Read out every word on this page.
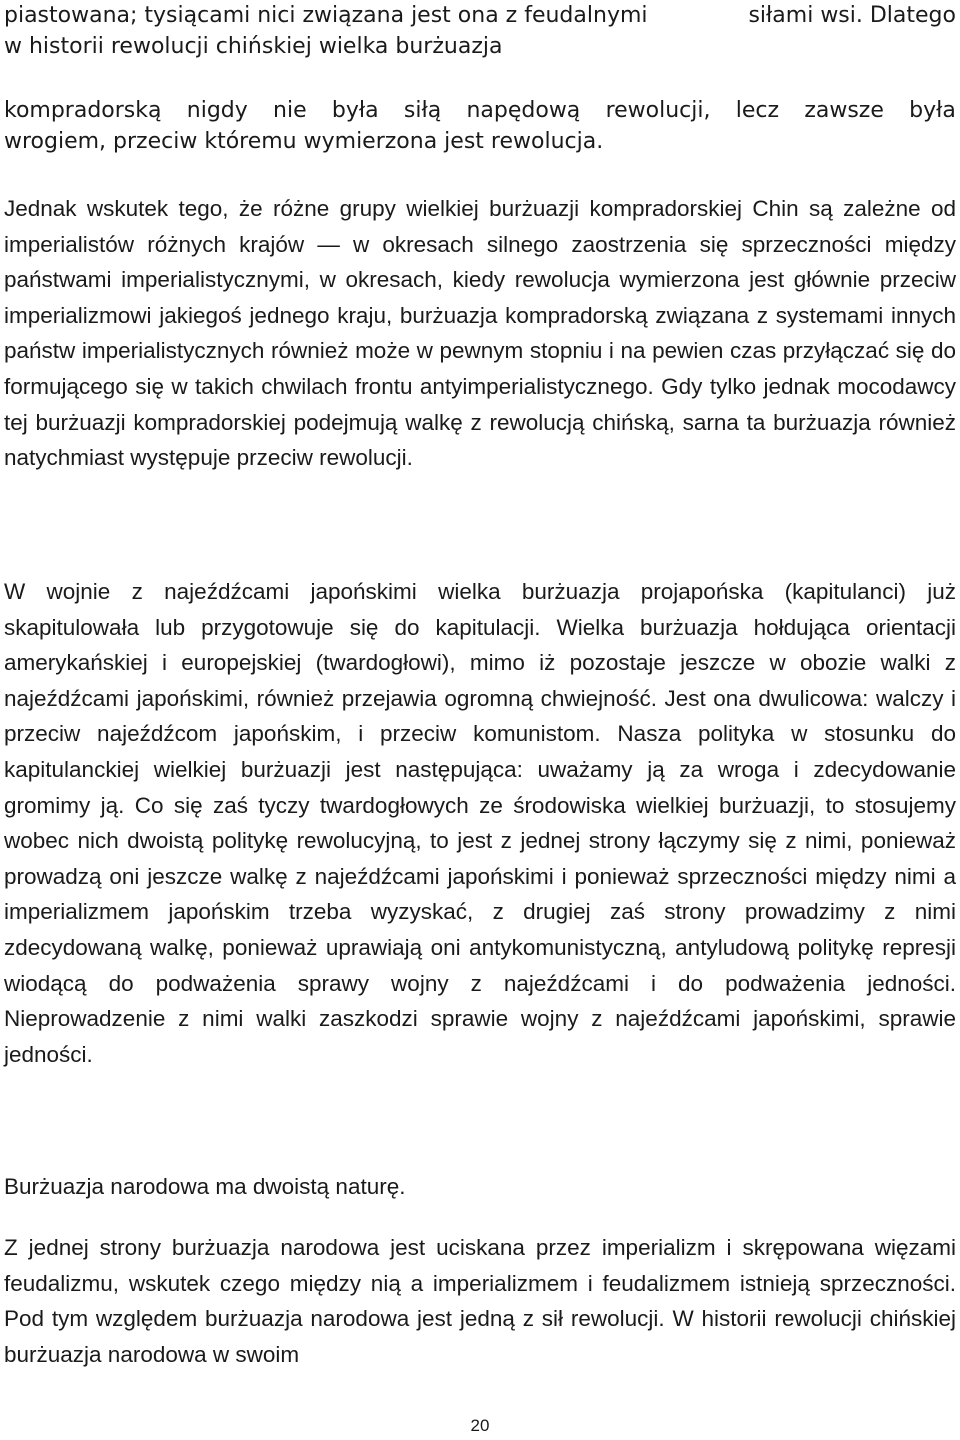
piastowana; tysiącami nici związana jest ona z feudalnymi	siłami wsi. Dlatego
w historii rewolucji chińskiej wielka burżuazja
kompradorską nigdy nie była siłą napędową rewolucji, lecz zawsze była
wrogiem, przeciw któremu wymierzona jest rewolucja.

Jednak wskutek tego, że różne grupy wielkiej burżuazji kompradorskiej Chin są zależne od imperialistów różnych krajów — w okresach silnego zaostrzenia się sprzeczności między państwami imperialistycznymi, w okresach, kiedy rewolucja wymierzona jest głównie przeciw imperializmowi jakiegoś jednego kraju, burżuazja kompradorską związana z systemami innych państw imperialistycznych również może w pewnym stopniu i na pewien czas przyłączać się do formującego się w takich chwilach frontu antyimperialistycznego. Gdy tylko jednak mocodawcy tej burżuazji kompradorskiej podejmują walkę z rewolucją chińską, sarna ta burżuazja również natychmiast występuje przeciw rewolucji.

W wojnie z najeźdźcami japońskimi wielka burżuazja projapońska (kapitulanci) już skapitulowała lub przygotowuje się do kapitulacji. Wielka burżuazja hołdująca orientacji amerykańskiej i europejskiej (twardogłowi), mimo iż pozostaje jeszcze w obozie walki z najeźdźcami japońskimi, również przejawia ogromną chwiejność. Jest ona dwulicowa: walczy i przeciw najeźdźcom japońskim, i przeciw komunistom. Nasza polityka w stosunku do kapitulanckiej wielkiej burżuazji jest następująca: uważamy ją za wroga i zdecydowanie gromimy ją. Co się zaś tyczy twardogłowych ze środowiska wielkiej burżuazji, to stosujemy wobec nich dwoistą politykę rewolucyjną, to jest z jednej strony łączymy się z nimi, ponieważ prowadzą oni jeszcze walkę z najeźdźcami japońskimi i ponieważ sprzeczności między nimi a imperializmem japońskim trzeba wyzyskać, z drugiej zaś strony prowadzimy z nimi zdecydowaną walkę, ponieważ uprawiają oni antykomunistyczną, antyludową politykę represji wiodącą do podważenia sprawy wojny z najeźdźcami i do podważenia jedności. Nieprowadzenie z nimi walki zaszkodzi sprawie wojny z najeźdźcami japońskimi, sprawie jedności.

Burżuazja narodowa ma dwoistą naturę.

Z jednej strony burżuazja narodowa jest uciskana przez imperializm i skrępowana więzami feudalizmu, wskutek czego między nią a imperializmem i feudalizmem istnieją sprzeczności. Pod tym względem burżuazja narodowa jest jedną z sił rewolucji. W historii rewolucji chińskiej burżuazja narodowa w swoim

20
